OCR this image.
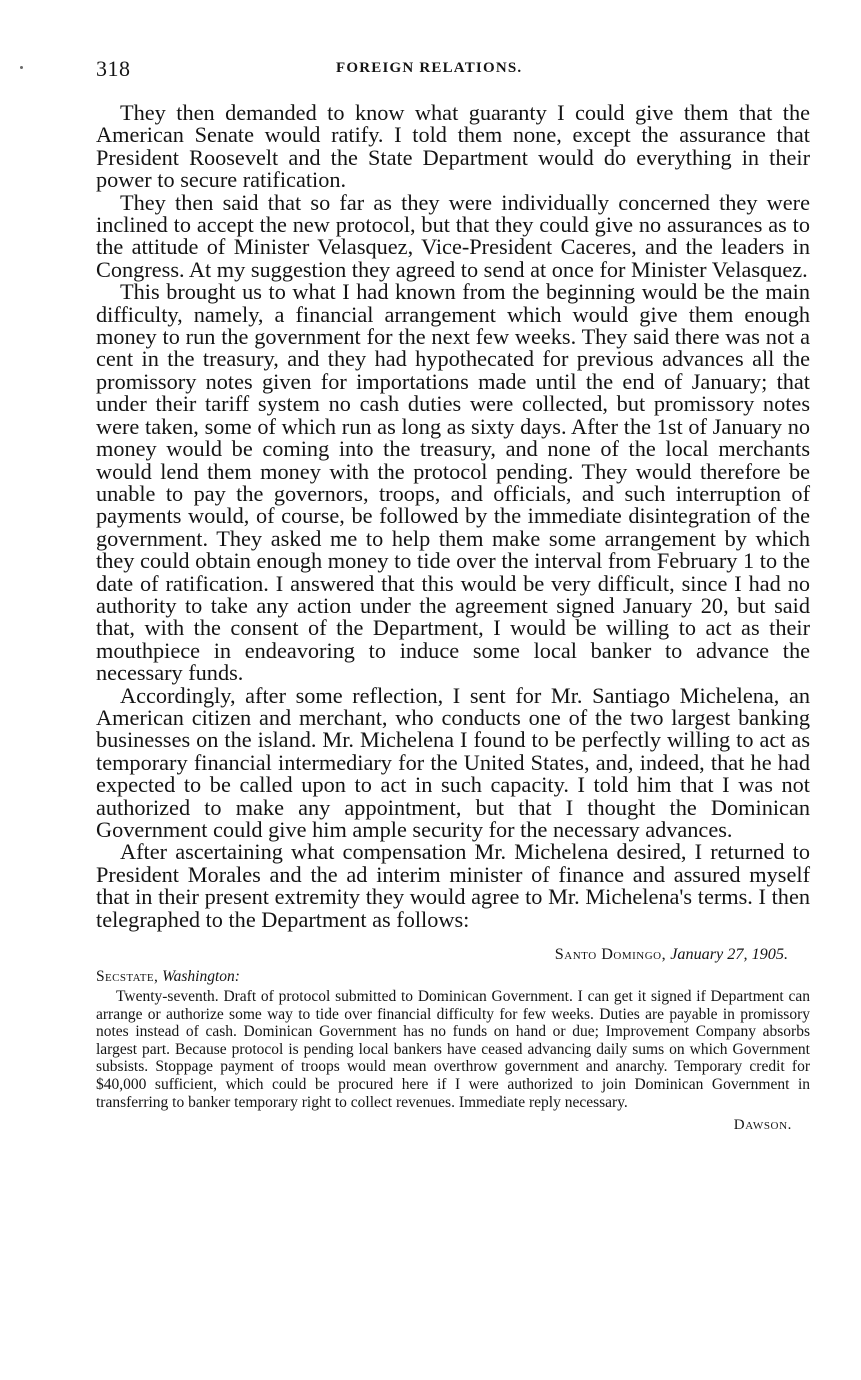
318	FOREIGN RELATIONS.

They then demanded to know what guaranty I could give them that the American Senate would ratify. I told them none, except the assurance that President Roosevelt and the State Department would do everything in their power to secure ratification.

They then said that so far as they were individually concerned they were inclined to accept the new protocol, but that they could give no assurances as to the attitude of Minister Velasquez, Vice-President Caceres, and the leaders in Congress. At my suggestion they agreed to send at once for Minister Velasquez.

This brought us to what I had known from the beginning would be the main difficulty, namely, a financial arrangement which would give them enough money to run the government for the next few weeks. They said there was not a cent in the treasury, and they had hypothecated for previous advances all the promissory notes given for importations made until the end of January; that under their tariff system no cash duties were collected, but promissory notes were taken, some of which run as long as sixty days. After the 1st of January no money would be coming into the treasury, and none of the local merchants would lend them money with the protocol pending. They would therefore be unable to pay the governors, troops, and officials, and such interruption of payments would, of course, be followed by the immediate disintegration of the government. They asked me to help them make some arrangement by which they could obtain enough money to tide over the interval from February 1 to the date of ratification. I answered that this would be very difficult, since I had no authority to take any action under the agreement signed January 20, but said that, with the consent of the Department, I would be willing to act as their mouthpiece in endeavoring to induce some local banker to advance the necessary funds.

Accordingly, after some reflection, I sent for Mr. Santiago Michelena, an American citizen and merchant, who conducts one of the two largest banking businesses on the island. Mr. Michelena I found to be perfectly willing to act as temporary financial intermediary for the United States, and, indeed, that he had expected to be called upon to act in such capacity. I told him that I was not authorized to make any appointment, but that I thought the Dominican Government could give him ample security for the necessary advances.

After ascertaining what compensation Mr. Michelena desired, I returned to President Morales and the ad interim minister of finance and assured myself that in their present extremity they would agree to Mr. Michelena's terms. I then telegraphed to the Department as follows:

Santo Domingo, January 27, 1905.
Secstate, Washington:
Twenty-seventh. Draft of protocol submitted to Dominican Government. I can get it signed if Department can arrange or authorize some way to tide over financial difficulty for few weeks. Duties are payable in promissory notes instead of cash. Dominican Government has no funds on hand or due; Improvement Company absorbs largest part. Because protocol is pending local bankers have ceased advancing daily sums on which Government subsists. Stoppage payment of troops would mean overthrow government and anarchy. Temporary credit for $40,000 sufficient, which could be procured here if I were authorized to join Dominican Government in transferring to banker temporary right to collect revenues. Immediate reply necessary.
Dawson.
